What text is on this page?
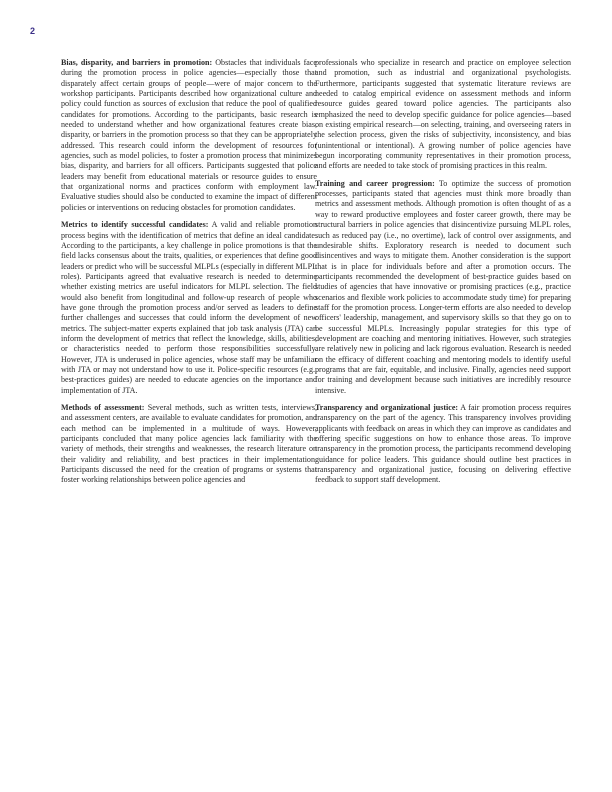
2

Bias, disparity, and barriers in promotion: Obstacles that individuals face during the promotion process in police agencies—especially those that disparately affect certain groups of people—were of major concern to the workshop participants. Participants described how organizational culture and policy could function as sources of exclusion that reduce the pool of qualified candidates for promotions. According to the participants, basic research is needed to understand whether and how organizational features create bias, disparity, or barriers in the promotion process so that they can be appropriately addressed. This research could inform the development of resources for agencies, such as model policies, to foster a promotion process that minimizes bias, disparity, and barriers for all officers. Participants suggested that police leaders may benefit from educational materials or resource guides to ensure that organizational norms and practices conform with employment law. Evaluative studies should also be conducted to examine the impact of different policies or interventions on reducing obstacles for promotion candidates.

Metrics to identify successful candidates: A valid and reliable promotion process begins with the identification of metrics that define an ideal candidate. According to the participants, a key challenge in police promotions is that the field lacks consensus about the traits, qualities, or experiences that define good leaders or predict who will be successful MLPLs (especially in different MLPL roles). Participants agreed that evaluative research is needed to determine whether existing metrics are useful indicators for MLPL selection. The field would also benefit from longitudinal and follow-up research of people who have gone through the promotion process and/or served as leaders to define further challenges and successes that could inform the development of new metrics. The subject-matter experts explained that job task analysis (JTA) can inform the development of metrics that reflect the knowledge, skills, abilities, or characteristics needed to perform those responsibilities successfully. However, JTA is underused in police agencies, whose staff may be unfamiliar with JTA or may not understand how to use it. Police-specific resources (e.g., best-practices guides) are needed to educate agencies on the importance and implementation of JTA.

Methods of assessment: Several methods, such as written tests, interviews, and assessment centers, are available to evaluate candidates for promotion, and each method can be implemented in a multitude of ways. However, participants concluded that many police agencies lack familiarity with the variety of methods, their strengths and weaknesses, the research literature on their validity and reliability, and best practices in their implementation. Participants discussed the need for the creation of programs or systems that foster working relationships between police agencies and

professionals who specialize in research and practice on employee selection and promotion, such as industrial and organizational psychologists. Furthermore, participants suggested that systematic literature reviews are needed to catalog empirical evidence on assessment methods and inform resource guides geared toward police agencies. The participants also emphasized the need to develop specific guidance for police agencies—based on existing empirical research—on selecting, training, and overseeing raters in the selection process, given the risks of subjectivity, inconsistency, and bias (unintentional or intentional). A growing number of police agencies have begun incorporating community representatives in their promotion process, and efforts are needed to take stock of promising practices in this realm.

Training and career progression: To optimize the success of promotion processes, participants stated that agencies must think more broadly than metrics and assessment methods. Although promotion is often thought of as a way to reward productive employees and foster career growth, there may be structural barriers in police agencies that disincentivize pursuing MLPL roles, such as reduced pay (i.e., no overtime), lack of control over assignments, and undesirable shifts. Exploratory research is needed to document such disincentives and ways to mitigate them. Another consideration is the support that is in place for individuals before and after a promotion occurs. The participants recommended the development of best-practice guides based on studies of agencies that have innovative or promising practices (e.g., practice scenarios and flexible work policies to accommodate study time) for preparing staff for the promotion process. Longer-term efforts are also needed to develop officers' leadership, management, and supervisory skills so that they go on to be successful MLPLs. Increasingly popular strategies for this type of development are coaching and mentoring initiatives. However, such strategies are relatively new in policing and lack rigorous evaluation. Research is needed on the efficacy of different coaching and mentoring models to identify useful programs that are fair, equitable, and inclusive. Finally, agencies need support for training and development because such initiatives are incredibly resource intensive.

Transparency and organizational justice: A fair promotion process requires transparency on the part of the agency. This transparency involves providing applicants with feedback on areas in which they can improve as candidates and offering specific suggestions on how to enhance those areas. To improve transparency in the promotion process, the participants recommend developing guidance for police leaders. This guidance should outline best practices in transparency and organizational justice, focusing on delivering effective feedback to support staff development.
